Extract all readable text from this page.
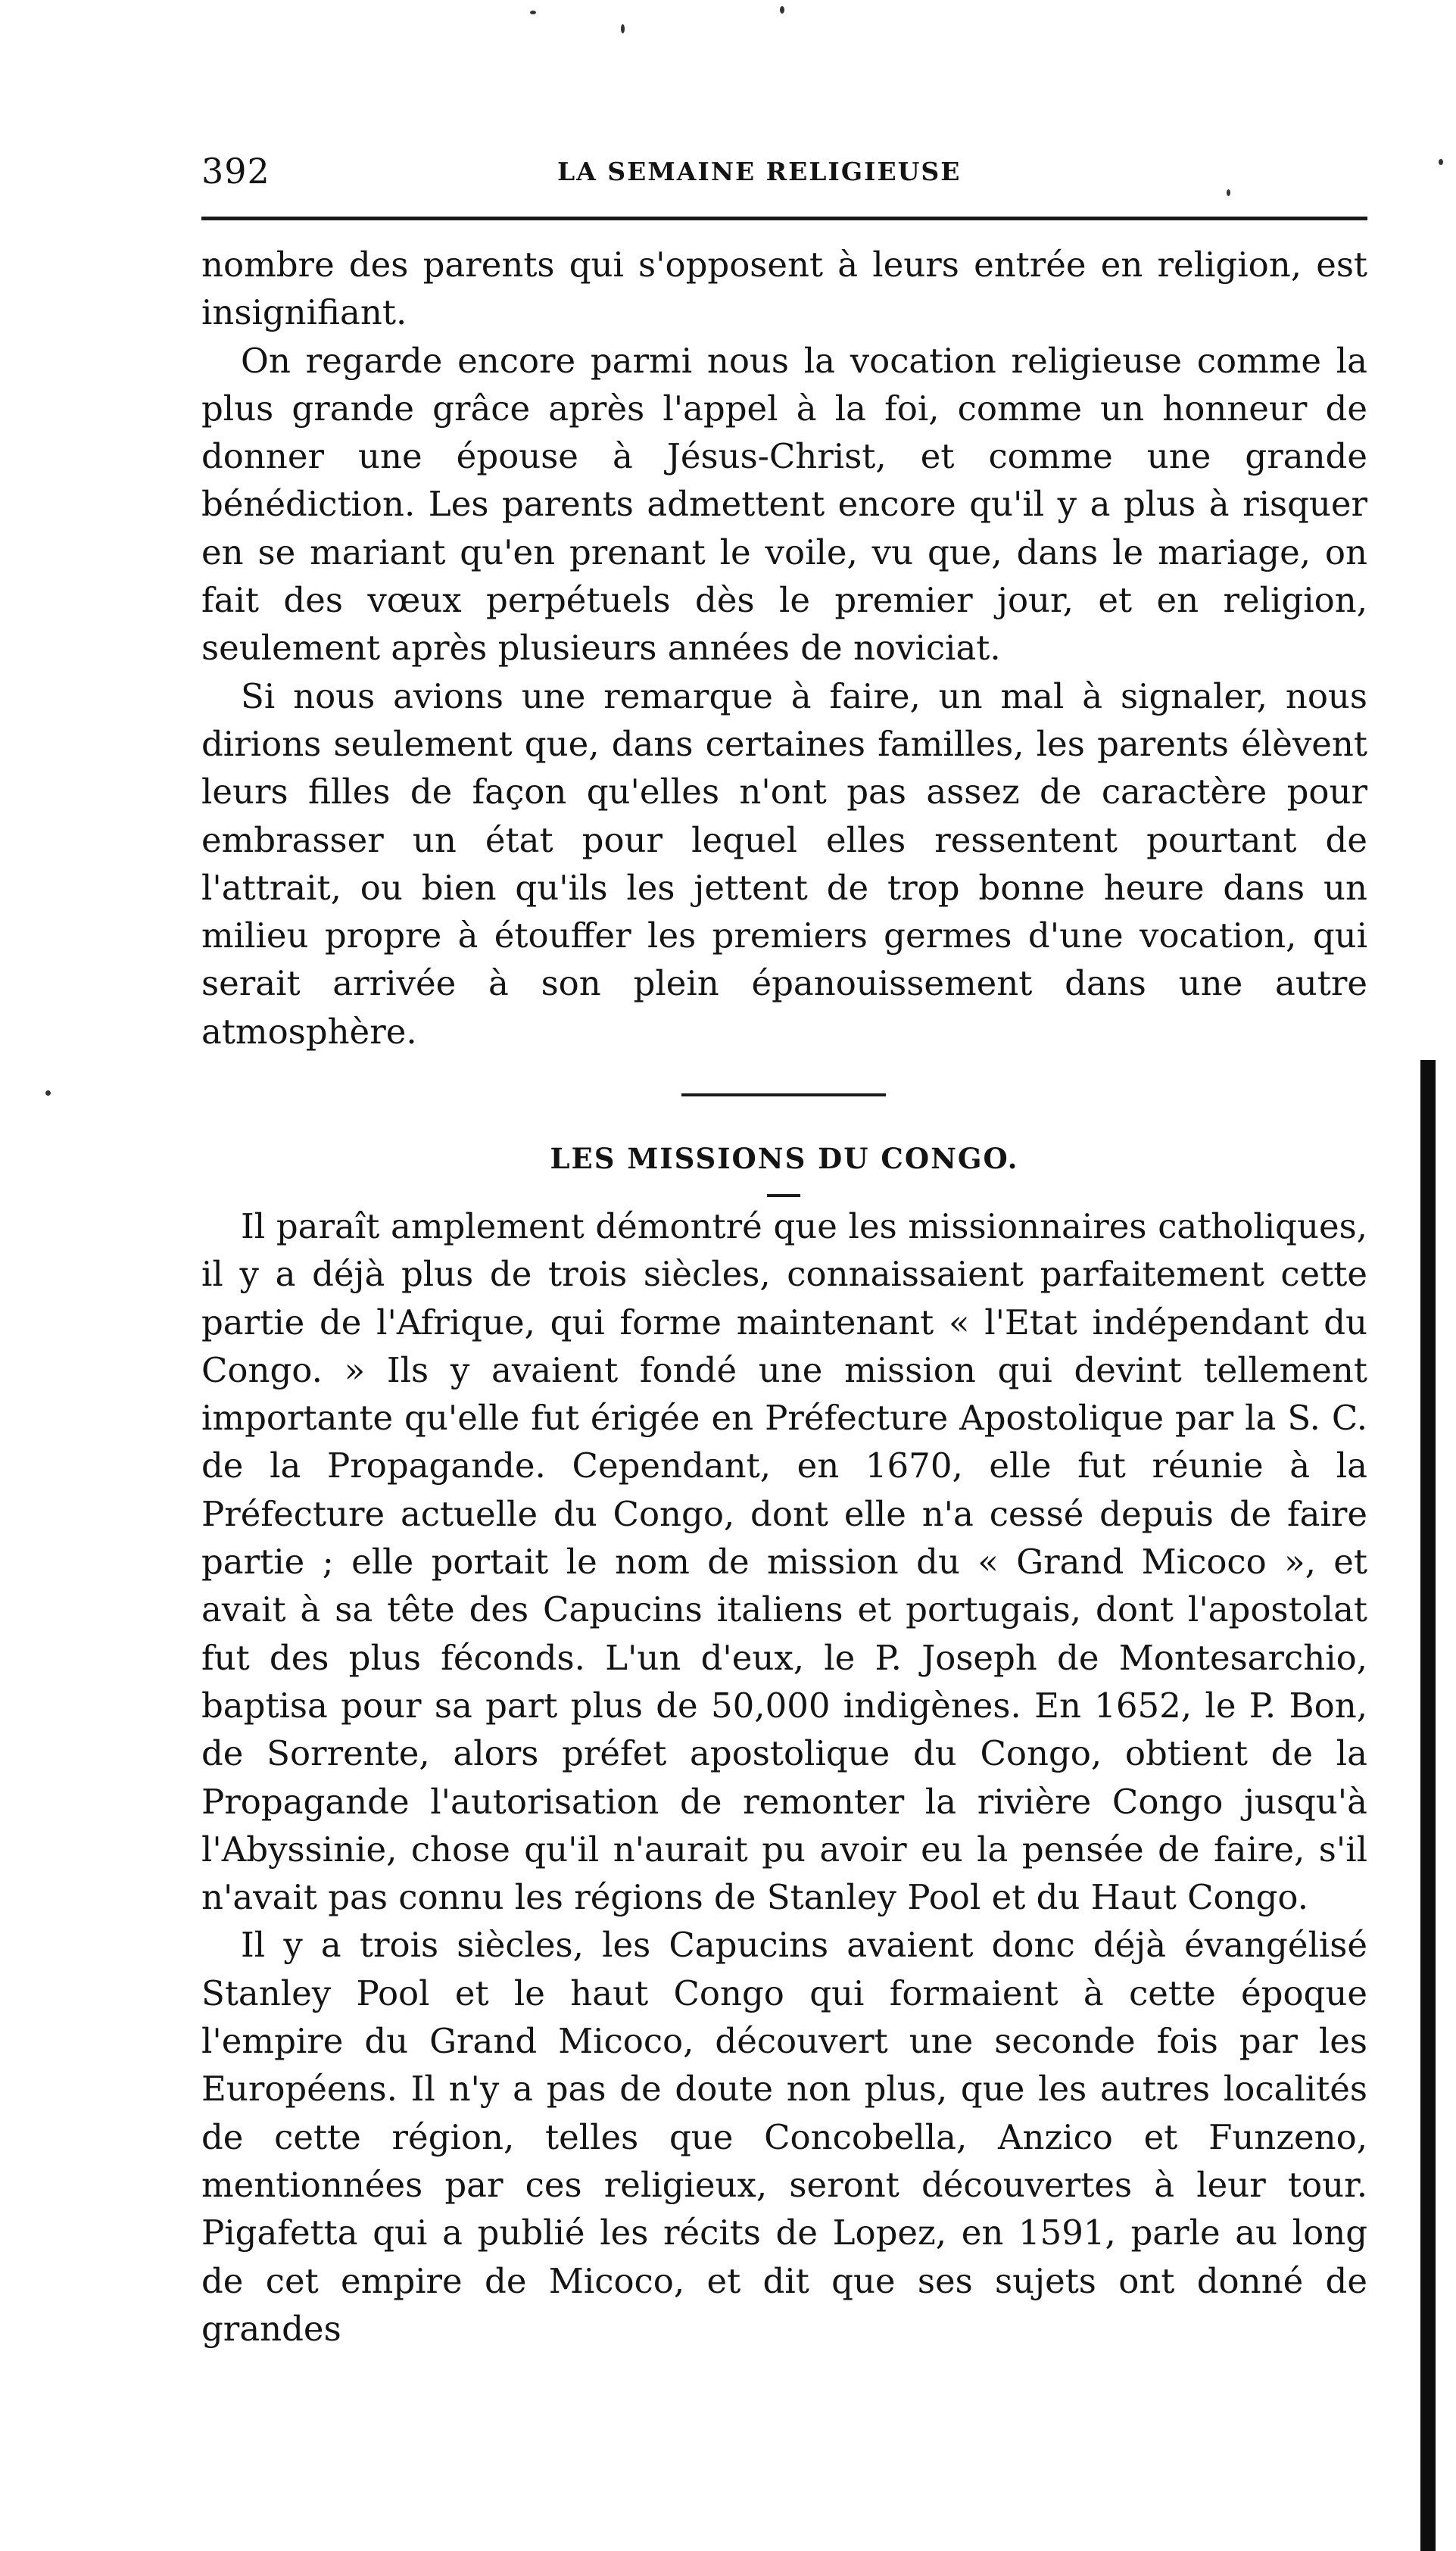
392	LA SEMAINE RELIGIEUSE

nombre des parents qui s'opposent à leurs entrée en religion, est insignifiant.

On regarde encore parmi nous la vocation religieuse comme la plus grande grâce après l'appel à la foi, comme un honneur de donner une épouse à Jésus-Christ, et comme une grande bénédiction. Les parents admettent encore qu'il y a plus à risquer en se mariant qu'en prenant le voile, vu que, dans le mariage, on fait des vœux perpétuels dès le premier jour, et en religion, seulement après plusieurs années de noviciat.

Si nous avions une remarque à faire, un mal à signaler, nous dirions seulement que, dans certaines familles, les parents élèvent leurs filles de façon qu'elles n'ont pas assez de caractère pour embrasser un état pour lequel elles ressentent pourtant de l'attrait, ou bien qu'ils les jettent de trop bonne heure dans un milieu propre à étouffer les premiers germes d'une vocation, qui serait arrivée à son plein épanouissement dans une autre atmosphère.

LES MISSIONS DU CONGO.

Il paraît amplement démontré que les missionnaires catholiques, il y a déjà plus de trois siècles, connaissaient parfaitement cette partie de l'Afrique, qui forme maintenant « l'Etat indépendant du Congo. » Ils y avaient fondé une mission qui devint tellement importante qu'elle fut érigée en Préfecture Apostolique par la S. C. de la Propagande. Cependant, en 1670, elle fut réunie à la Préfecture actuelle du Congo, dont elle n'a cessé depuis de faire partie ; elle portait le nom de mission du « Grand Micoco », et avait à sa tête des Capucins italiens et portugais, dont l'apostolat fut des plus féconds. L'un d'eux, le P. Joseph de Montesarchio, baptisa pour sa part plus de 50,000 indigènes. En 1652, le P. Bon, de Sorrente, alors préfet apostolique du Congo, obtient de la Propagande l'autorisation de remonter la rivière Congo jusqu'à l'Abyssinie, chose qu'il n'aurait pu avoir eu la pensée de faire, s'il n'avait pas connu les régions de Stanley Pool et du Haut Congo.

Il y a trois siècles, les Capucins avaient donc déjà évangélisé Stanley Pool et le haut Congo qui formaient à cette époque l'empire du Grand Micoco, découvert une seconde fois par les Européens. Il n'y a pas de doute non plus, que les autres localités de cette région, telles que Concobella, Anzico et Funzeno, mentionnées par ces religieux, seront découvertes à leur tour. Pigafetta qui a publié les récits de Lopez, en 1591, parle au long de cet empire de Micoco, et dit que ses sujets ont donné de grandes
